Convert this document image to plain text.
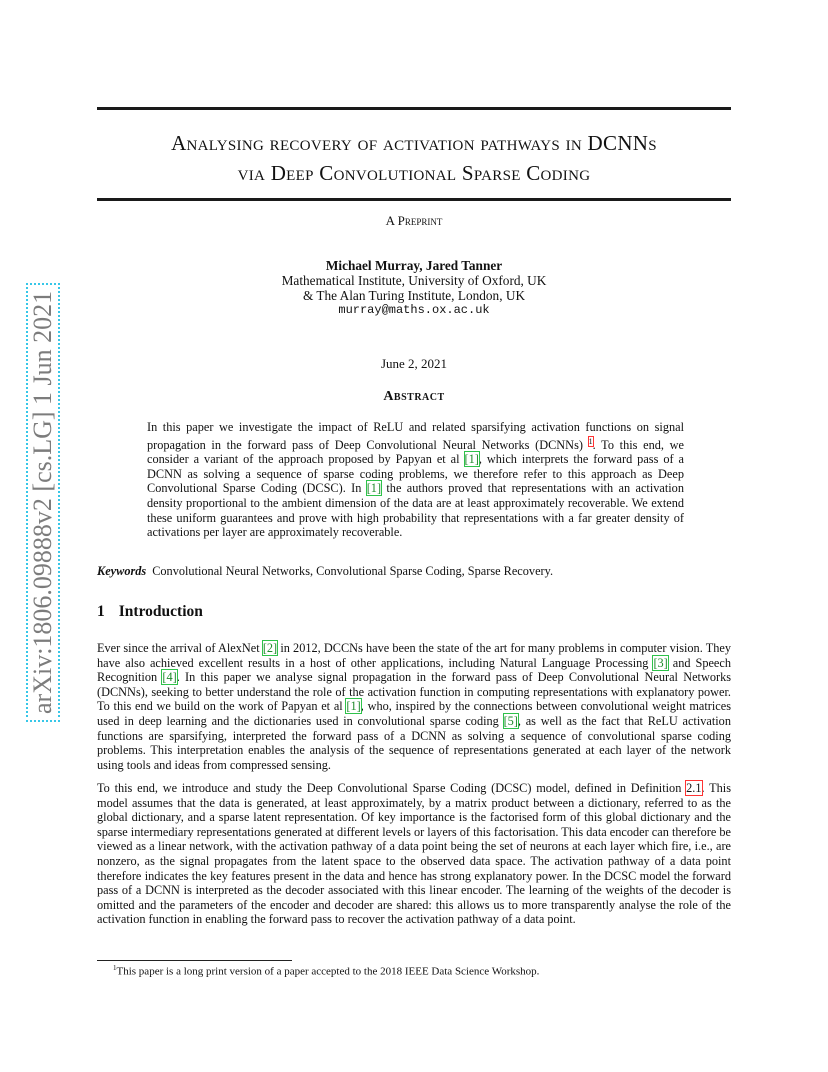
arXiv:1806.09888v2 [cs.LG] 1 Jun 2021
Analysing recovery of activation pathways in DCNNs
via Deep Convolutional Sparse Coding
A Preprint
Michael Murray, Jared Tanner
Mathematical Institute, University of Oxford, UK
& The Alan Turing Institute, London, UK
murray@maths.ox.ac.uk
June 2, 2021
Abstract
In this paper we investigate the impact of ReLU and related sparsifying activation functions on signal propagation in the forward pass of Deep Convolutional Neural Networks (DCNNs) $^1$. To this end, we consider a variant of the approach proposed by Papyan et al [1], which interprets the forward pass of a DCNN as solving a sequence of sparse coding problems, we therefore refer to this approach as Deep Convolutional Sparse Coding (DCSC). In [1] the authors proved that representations with an activation density proportional to the ambient dimension of the data are at least approximately recoverable. We extend these uniform guarantees and prove with high probability that representations with a far greater density of activations per layer are approximately recoverable.
Keywords Convolutional Neural Networks, Convolutional Sparse Coding, Sparse Recovery.
1 Introduction
Ever since the arrival of AlexNet [2] in 2012, DCCNs have been the state of the art for many problems in computer vision. They have also achieved excellent results in a host of other applications, including Natural Language Processing [3] and Speech Recognition [4]. In this paper we analyse signal propagation in the forward pass of Deep Convolutional Neural Networks (DCNNs), seeking to better understand the role of the activation function in computing representations with explanatory power. To this end we build on the work of Papyan et al [1], who, inspired by the connections between convolutional weight matrices used in deep learning and the dictionaries used in convolutional sparse coding [5], as well as the fact that ReLU activation functions are sparsifying, interpreted the forward pass of a DCNN as solving a sequence of convolutional sparse coding problems. This interpretation enables the analysis of the sequence of representations generated at each layer of the network using tools and ideas from compressed sensing.
To this end, we introduce and study the Deep Convolutional Sparse Coding (DCSC) model, defined in Definition 2.1. This model assumes that the data is generated, at least approximately, by a matrix product between a dictionary, referred to as the global dictionary, and a sparse latent representation. Of key importance is the factorised form of this global dictionary and the sparse intermediary representations generated at different levels or layers of this factorisation. This data encoder can therefore be viewed as a linear network, with the activation pathway of a data point being the set of neurons at each layer which fire, i.e., are nonzero, as the signal propagates from the latent space to the observed data space. The activation pathway of a data point therefore indicates the key features present in the data and hence has strong explanatory power. In the DCSC model the forward pass of a DCNN is interpreted as the decoder associated with this linear encoder. The learning of the weights of the decoder is omitted and the parameters of the encoder and decoder are shared: this allows us to more transparently analyse the role of the activation function in enabling the forward pass to recover the activation pathway of a data point.
$^1$This paper is a long print version of a paper accepted to the 2018 IEEE Data Science Workshop.
